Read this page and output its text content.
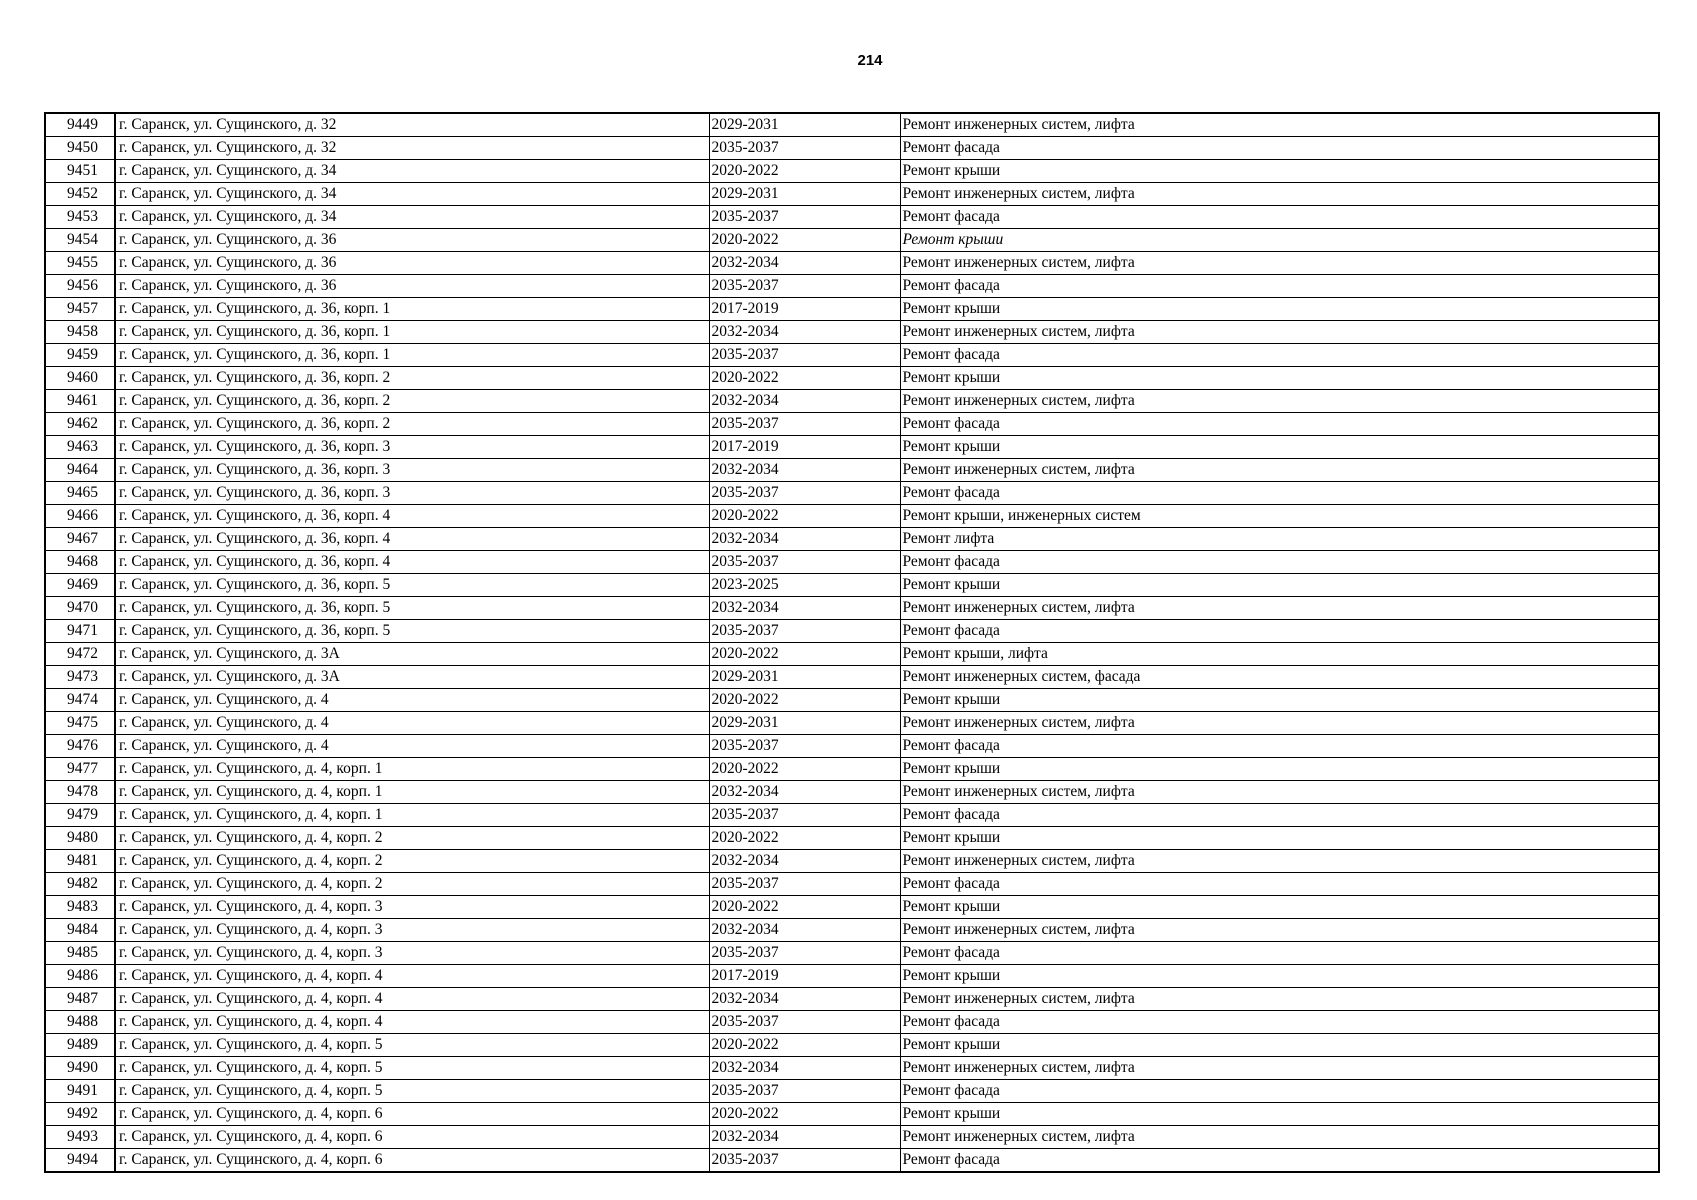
214
9449	г. Саранск, ул. Сущинского, д. 32	2029-2031	Ремонт инженерных систем, лифта
9450	г. Саранск, ул. Сущинского, д. 32	2035-2037	Ремонт фасада
9451	г. Саранск, ул. Сущинского, д. 34	2020-2022	Ремонт крыши
9452	г. Саранск, ул. Сущинского, д. 34	2029-2031	Ремонт инженерных систем, лифта
9453	г. Саранск, ул. Сущинского, д. 34	2035-2037	Ремонт фасада
9454	г. Саранск, ул. Сущинского, д. 36	2020-2022	Ремонт крыши
9455	г. Саранск, ул. Сущинского, д. 36	2032-2034	Ремонт инженерных систем, лифта
9456	г. Саранск, ул. Сущинского, д. 36	2035-2037	Ремонт фасада
9457	г. Саранск, ул. Сущинского, д. 36, корп. 1	2017-2019	Ремонт крыши
9458	г. Саранск, ул. Сущинского, д. 36, корп. 1	2032-2034	Ремонт инженерных систем, лифта
9459	г. Саранск, ул. Сущинского, д. 36, корп. 1	2035-2037	Ремонт фасада
9460	г. Саранск, ул. Сущинского, д. 36, корп. 2	2020-2022	Ремонт крыши
9461	г. Саранск, ул. Сущинского, д. 36, корп. 2	2032-2034	Ремонт инженерных систем, лифта
9462	г. Саранск, ул. Сущинского, д. 36, корп. 2	2035-2037	Ремонт фасада
9463	г. Саранск, ул. Сущинского, д. 36, корп. 3	2017-2019	Ремонт крыши
9464	г. Саранск, ул. Сущинского, д. 36, корп. 3	2032-2034	Ремонт инженерных систем, лифта
9465	г. Саранск, ул. Сущинского, д. 36, корп. 3	2035-2037	Ремонт фасада
9466	г. Саранск, ул. Сущинского, д. 36, корп. 4	2020-2022	Ремонт крыши, инженерных систем
9467	г. Саранск, ул. Сущинского, д. 36, корп. 4	2032-2034	Ремонт лифта
9468	г. Саранск, ул. Сущинского, д. 36, корп. 4	2035-2037	Ремонт фасада
9469	г. Саранск, ул. Сущинского, д. 36, корп. 5	2023-2025	Ремонт крыши
9470	г. Саранск, ул. Сущинского, д. 36, корп. 5	2032-2034	Ремонт инженерных систем, лифта
9471	г. Саранск, ул. Сущинского, д. 36, корп. 5	2035-2037	Ремонт фасада
9472	г. Саранск, ул. Сущинского, д. 3А	2020-2022	Ремонт крыши, лифта
9473	г. Саранск, ул. Сущинского, д. 3А	2029-2031	Ремонт инженерных систем, фасада
9474	г. Саранск, ул. Сущинского, д. 4	2020-2022	Ремонт крыши
9475	г. Саранск, ул. Сущинского, д. 4	2029-2031	Ремонт инженерных систем, лифта
9476	г. Саранск, ул. Сущинского, д. 4	2035-2037	Ремонт фасада
9477	г. Саранск, ул. Сущинского, д. 4, корп. 1	2020-2022	Ремонт крыши
9478	г. Саранск, ул. Сущинского, д. 4, корп. 1	2032-2034	Ремонт инженерных систем, лифта
9479	г. Саранск, ул. Сущинского, д. 4, корп. 1	2035-2037	Ремонт фасада
9480	г. Саранск, ул. Сущинского, д. 4, корп. 2	2020-2022	Ремонт крыши
9481	г. Саранск, ул. Сущинского, д. 4, корп. 2	2032-2034	Ремонт инженерных систем, лифта
9482	г. Саранск, ул. Сущинского, д. 4, корп. 2	2035-2037	Ремонт фасада
9483	г. Саранск, ул. Сущинского, д. 4, корп. 3	2020-2022	Ремонт крыши
9484	г. Саранск, ул. Сущинского, д. 4, корп. 3	2032-2034	Ремонт инженерных систем, лифта
9485	г. Саранск, ул. Сущинского, д. 4, корп. 3	2035-2037	Ремонт фасада
9486	г. Саранск, ул. Сущинского, д. 4, корп. 4	2017-2019	Ремонт крыши
9487	г. Саранск, ул. Сущинского, д. 4, корп. 4	2032-2034	Ремонт инженерных систем, лифта
9488	г. Саранск, ул. Сущинского, д. 4, корп. 4	2035-2037	Ремонт фасада
9489	г. Саранск, ул. Сущинского, д. 4, корп. 5	2020-2022	Ремонт крыши
9490	г. Саранск, ул. Сущинского, д. 4, корп. 5	2032-2034	Ремонт инженерных систем, лифта
9491	г. Саранск, ул. Сущинского, д. 4, корп. 5	2035-2037	Ремонт фасада
9492	г. Саранск, ул. Сущинского, д. 4, корп. 6	2020-2022	Ремонт крыши
9493	г. Саранск, ул. Сущинского, д. 4, корп. 6	2032-2034	Ремонт инженерных систем, лифта
9494	г. Саранск, ул. Сущинского, д. 4, корп. 6	2035-2037	Ремонт фасада
